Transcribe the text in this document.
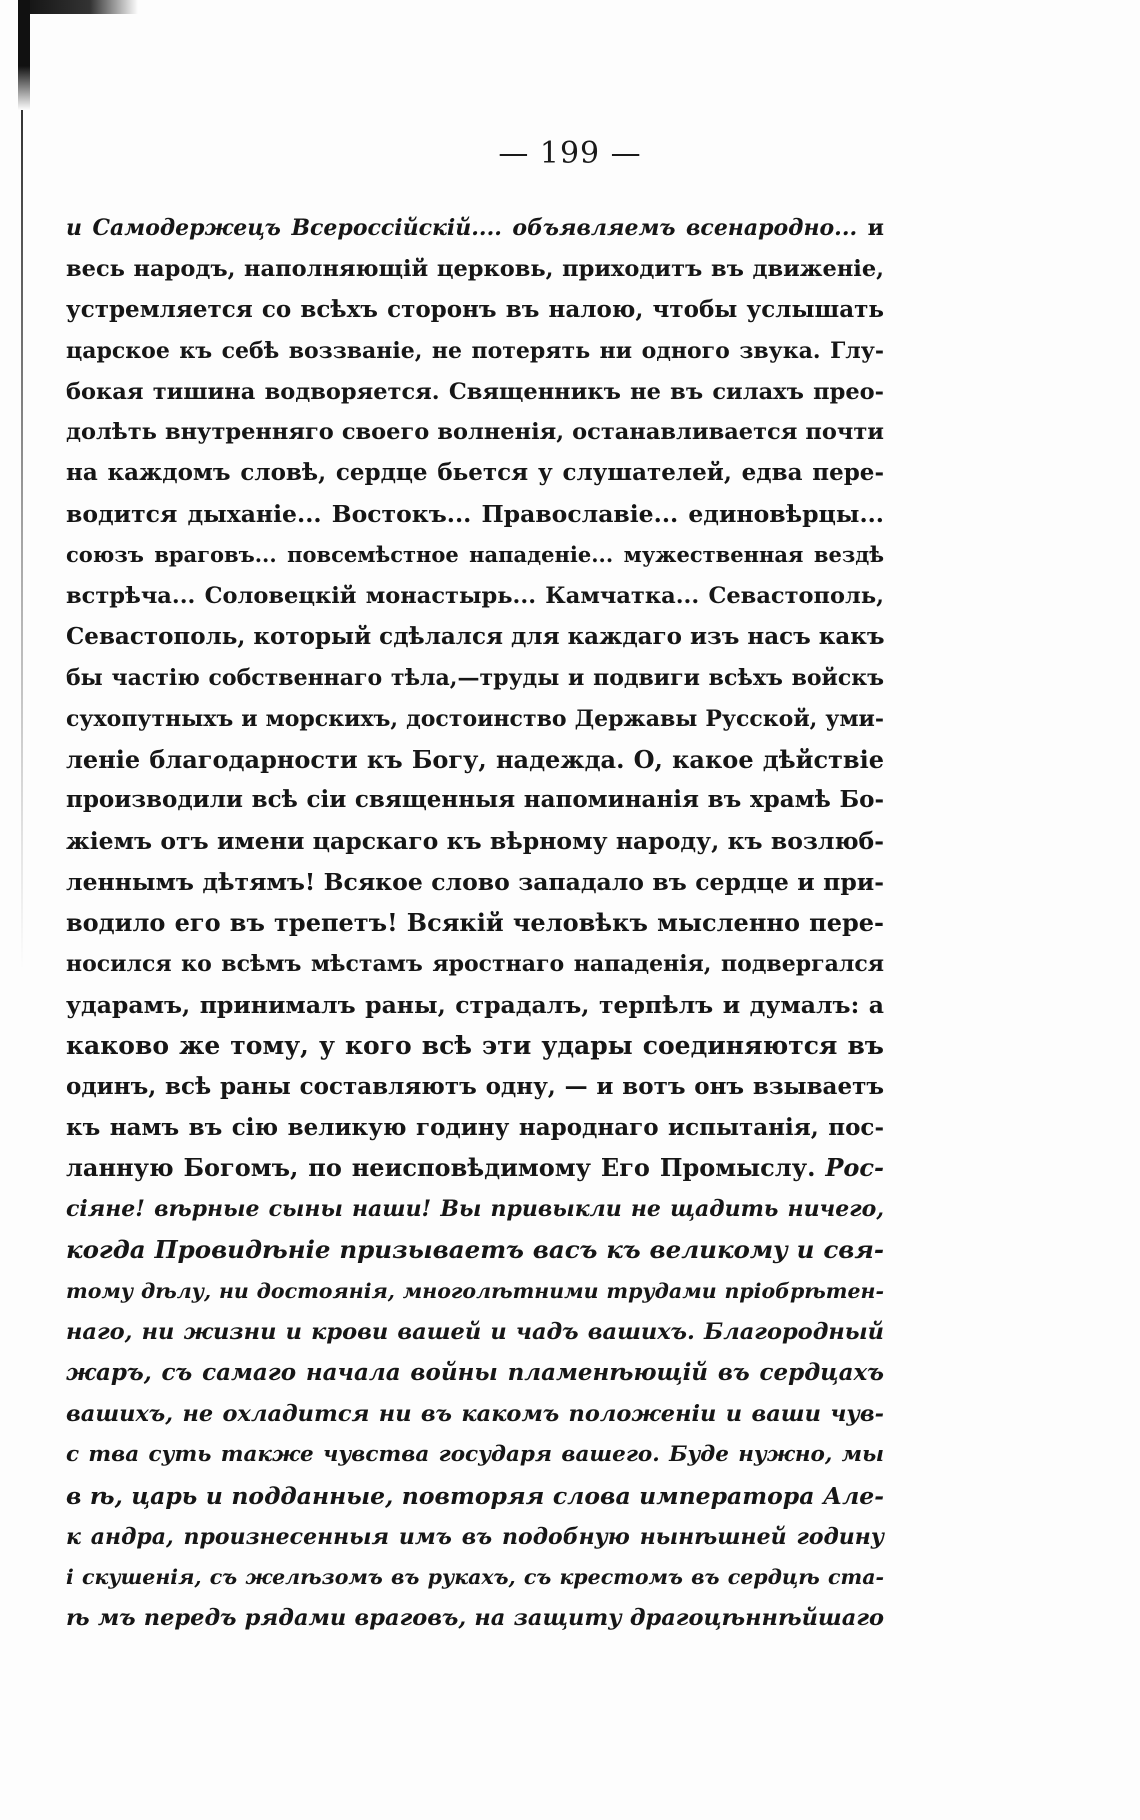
— 199 —
и Самодержецъ Всероссійскій.... объявляемъ всенародно... и
весь народъ, наполняющій церковь, приходитъ въ движеніе,
устремляется со всѣхъ сторонъ въ налою, чтобы услышать
царское къ себѣ воззваніе, не потерять ни одного звука. Глу-
бокая тишина водворяется. Священникъ не въ силахъ прео-
долѣть внутренняго своего волненія, останавливается почти
на каждомъ словѣ, сердце бьется у слушателей, едва пере-
водится дыханіе... Востокъ... Православіе... единовѣрцы...
союзъ враговъ... повсемѣстное нападеніе... мужественная вездѣ
встрѣча... Соловецкій монастырь... Камчатка... Севастополь,
Севастополь, который сдѣлался для каждаго изъ насъ какъ
бы частію собственнаго тѣла,—труды и подвиги всѣхъ войскъ
сухопутныхъ и морскихъ, достоинство Державы Русской, уми-
леніе благодарности къ Богу, надежда. О, какое дѣйствіе
производили всѣ сіи священныя напоминанія въ храмѣ Бо-
жіемъ отъ имени царскаго къ вѣрному народу, къ возлюб-
леннымъ дѣтямъ! Всякое слово западало въ сердце и при-
водило его въ трепетъ! Всякій человѣкъ мысленно пере-
носился ко всѣмъ мѣстамъ яростнаго нападенія, подвергался
ударамъ, принималъ раны, страдалъ, терпѣлъ и думалъ: а
каково же тому, у кого всѣ эти удары соединяются въ
одинъ, всѣ раны составляютъ одну, — и вотъ онъ взываетъ
къ намъ въ сію великую годину народнаго испытанія, пос-
ланную Богомъ, по неисповѣдимому Его Промыслу. Рос-
сіяне! вѣрные сыны наши! Вы привыкли не щадить ничего,
когда Провидѣніе призываетъ васъ къ великому и свя-
тому дѣлу, ни достоянія, многолѣтними трудами пріобрѣтен-
наго, ни жизни и крови вашей и чадъ вашихъ. Благородный
жаръ, съ самаго начала войны пламенѣющій въ сердцахъ
вашихъ, не охладится ни въ какомъ положеніи и ваши чув-
с тва суть также чувства государя вашего. Буде нужно, мы
в ѣ, царь и подданные, повторяя слова императора Але-
к андра, произнесенныя имъ въ подобную нынѣшней годину
і скушенія, съ желѣзомъ въ рукахъ, съ крестомъ въ сердцѣ ста-
ѣ мъ передъ рядами враговъ, на защиту драгоцѣннѣйшаго
